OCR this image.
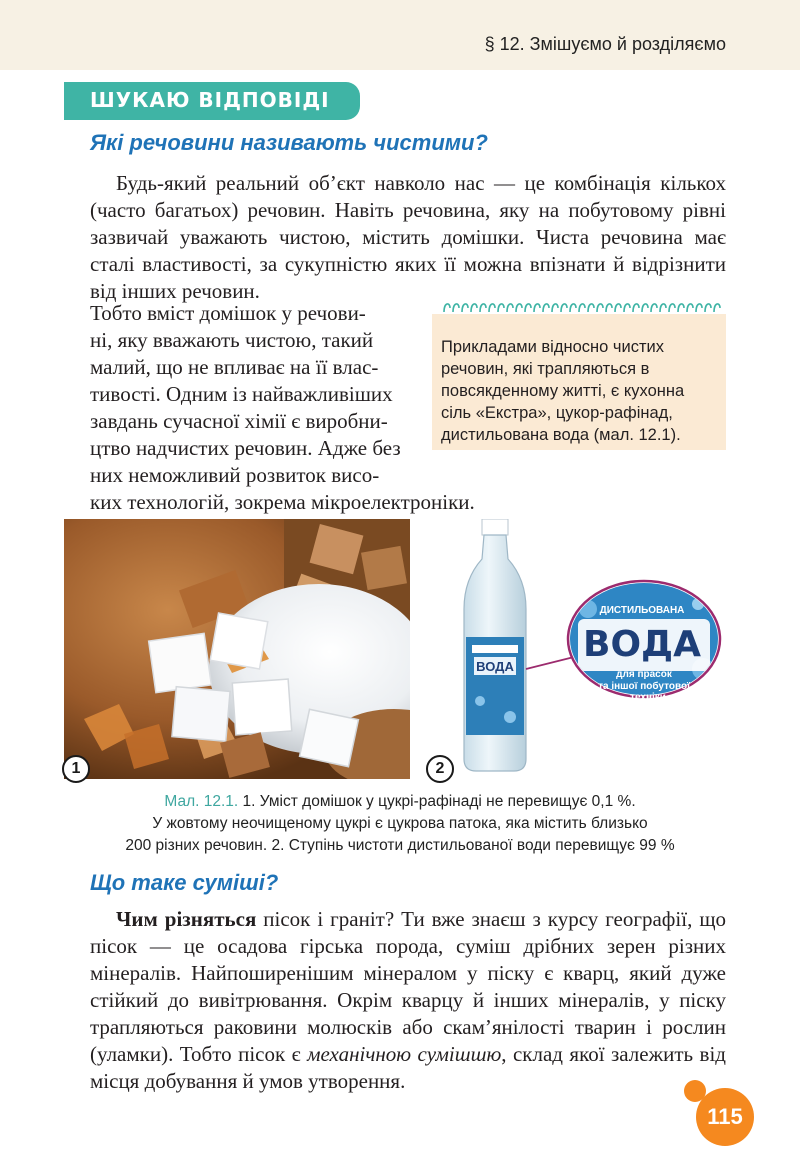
§ 12. Змішуємо й розділяємо
ШУКАЮ ВІДПОВІДІ
Які речовини називають чистими?
Будь-який реальний об’єкт навколо нас — це комбінація кількох (часто багатьох) речовин. Навіть речовина, яку на побутовому рівні зазвичай уважають чистою, містить домішки. Чиста речовина має сталі властивості, за сукупністю яких її можна впізнати й відрізнити від інших речовин.
Тобто вміст домішок у речови-
ні, яку вважають чистою, такий
малий, що не впливає на її влас-
тивості. Одним із найважливіших
завдань сучасної хімії є виробни-
цтво надчистих речовин. Адже без
них неможливий розвиток висо-
ких технологій, зокрема мікроелектроніки.
Прикладами відносно чистих речовин, які трапляються в повсякденному житті, є кухонна сіль «Екстра», цукор-рафінад, дистильована вода (мал. 12.1).
1
ВОДА
ДИСТИЛЬОВАНА
ВОДА
для прасок
та іншої побутової
техніки
2
Мал. 12.1. 1. Уміст домішок у цукрі-рафінаді не перевищує 0,1 %.
У жовтому неочищеному цукрі є цукрова патока, яка містить близько
200 різних речовин. 2. Ступінь чистоти дистильованої води перевищує 99 %
Що таке суміші?
Чим різняться пісок і граніт? Ти вже знаєш з курсу географії, що пісок — це осадова гірська порода, суміш дрібних зерен різних мінералів. Найпоширенішим мінералом у піску є кварц, який дуже стійкий до вивітрювання. Окрім кварцу й інших мінералів, у піску трапляються раковини молюсків або скам’янілості тварин і рослин (уламки). Тобто пісок є механічною сумішшю, склад якої залежить від місця добування й умов утворення.
115
